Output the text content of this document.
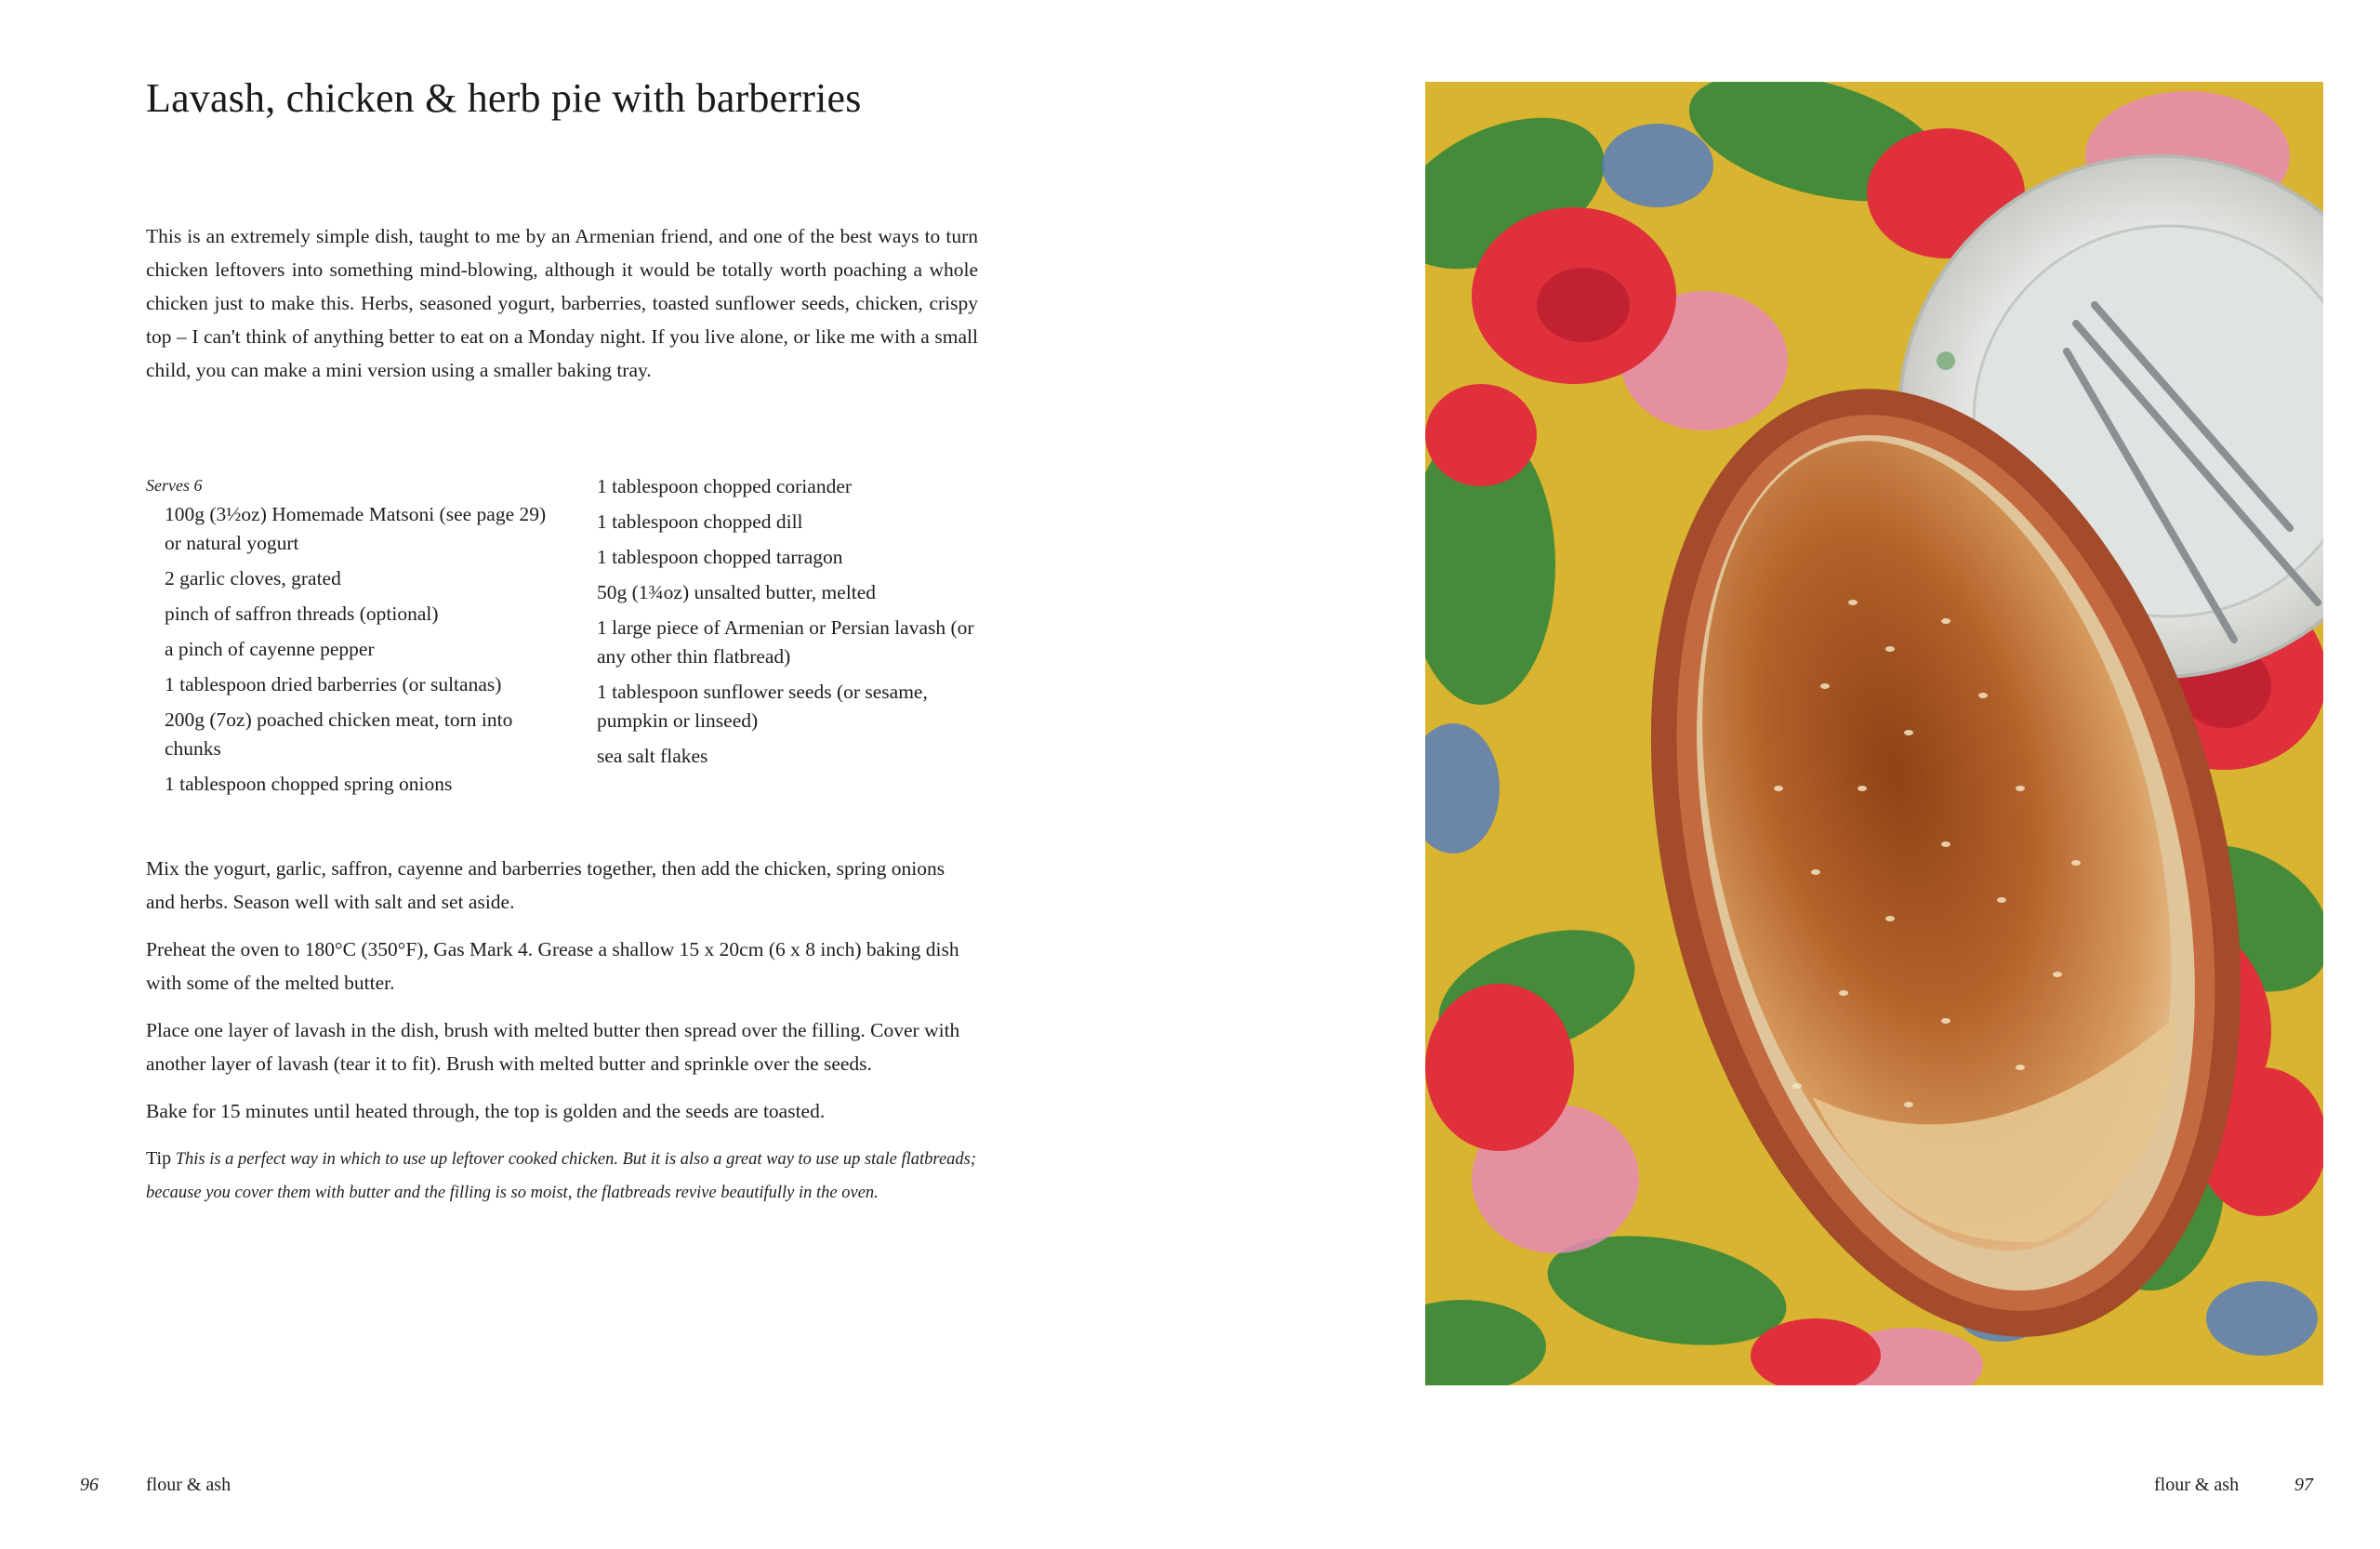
Lavash, chicken & herb pie with barberries

This is an extremely simple dish, taught to me by an Armenian friend, and one of the best ways to turn chicken leftovers into something mind-blowing, although it would be totally worth poaching a whole chicken just to make this. Herbs, seasoned yogurt, barberries, toasted sunflower seeds, chicken, crispy top – I can't think of anything better to eat on a Monday night. If you live alone, or like me with a small child, you can make a mini version using a smaller baking tray.

Serves 6

100g (3½oz) Homemade Matsoni (see page 29) or natural yogurt
2 garlic cloves, grated
pinch of saffron threads (optional)
a pinch of cayenne pepper
1 tablespoon dried barberries (or sultanas)
200g (7oz) poached chicken meat, torn into chunks
1 tablespoon chopped spring onions
1 tablespoon chopped coriander
1 tablespoon chopped dill
1 tablespoon chopped tarragon
50g (1¾oz) unsalted butter, melted
1 large piece of Armenian or Persian lavash (or any other thin flatbread)
1 tablespoon sunflower seeds (or sesame, pumpkin or linseed)
sea salt flakes

Mix the yogurt, garlic, saffron, cayenne and barberries together, then add the chicken, spring onions and herbs. Season well with salt and set aside.

Preheat the oven to 180°C (350°F), Gas Mark 4. Grease a shallow 15 x 20cm (6 x 8 inch) baking dish with some of the melted butter.

Place one layer of lavash in the dish, brush with melted butter then spread over the filling. Cover with another layer of lavash (tear it to fit). Brush with melted butter and sprinkle over the seeds.

Bake for 15 minutes until heated through, the top is golden and the seeds are toasted.

Tip This is a perfect way in which to use up leftover cooked chicken. But it is also a great way to use up stale flatbreads; because you cover them with butter and the filling is so moist, the flatbreads revive beautifully in the oven.
96	flour & ash	flour & ash	97
